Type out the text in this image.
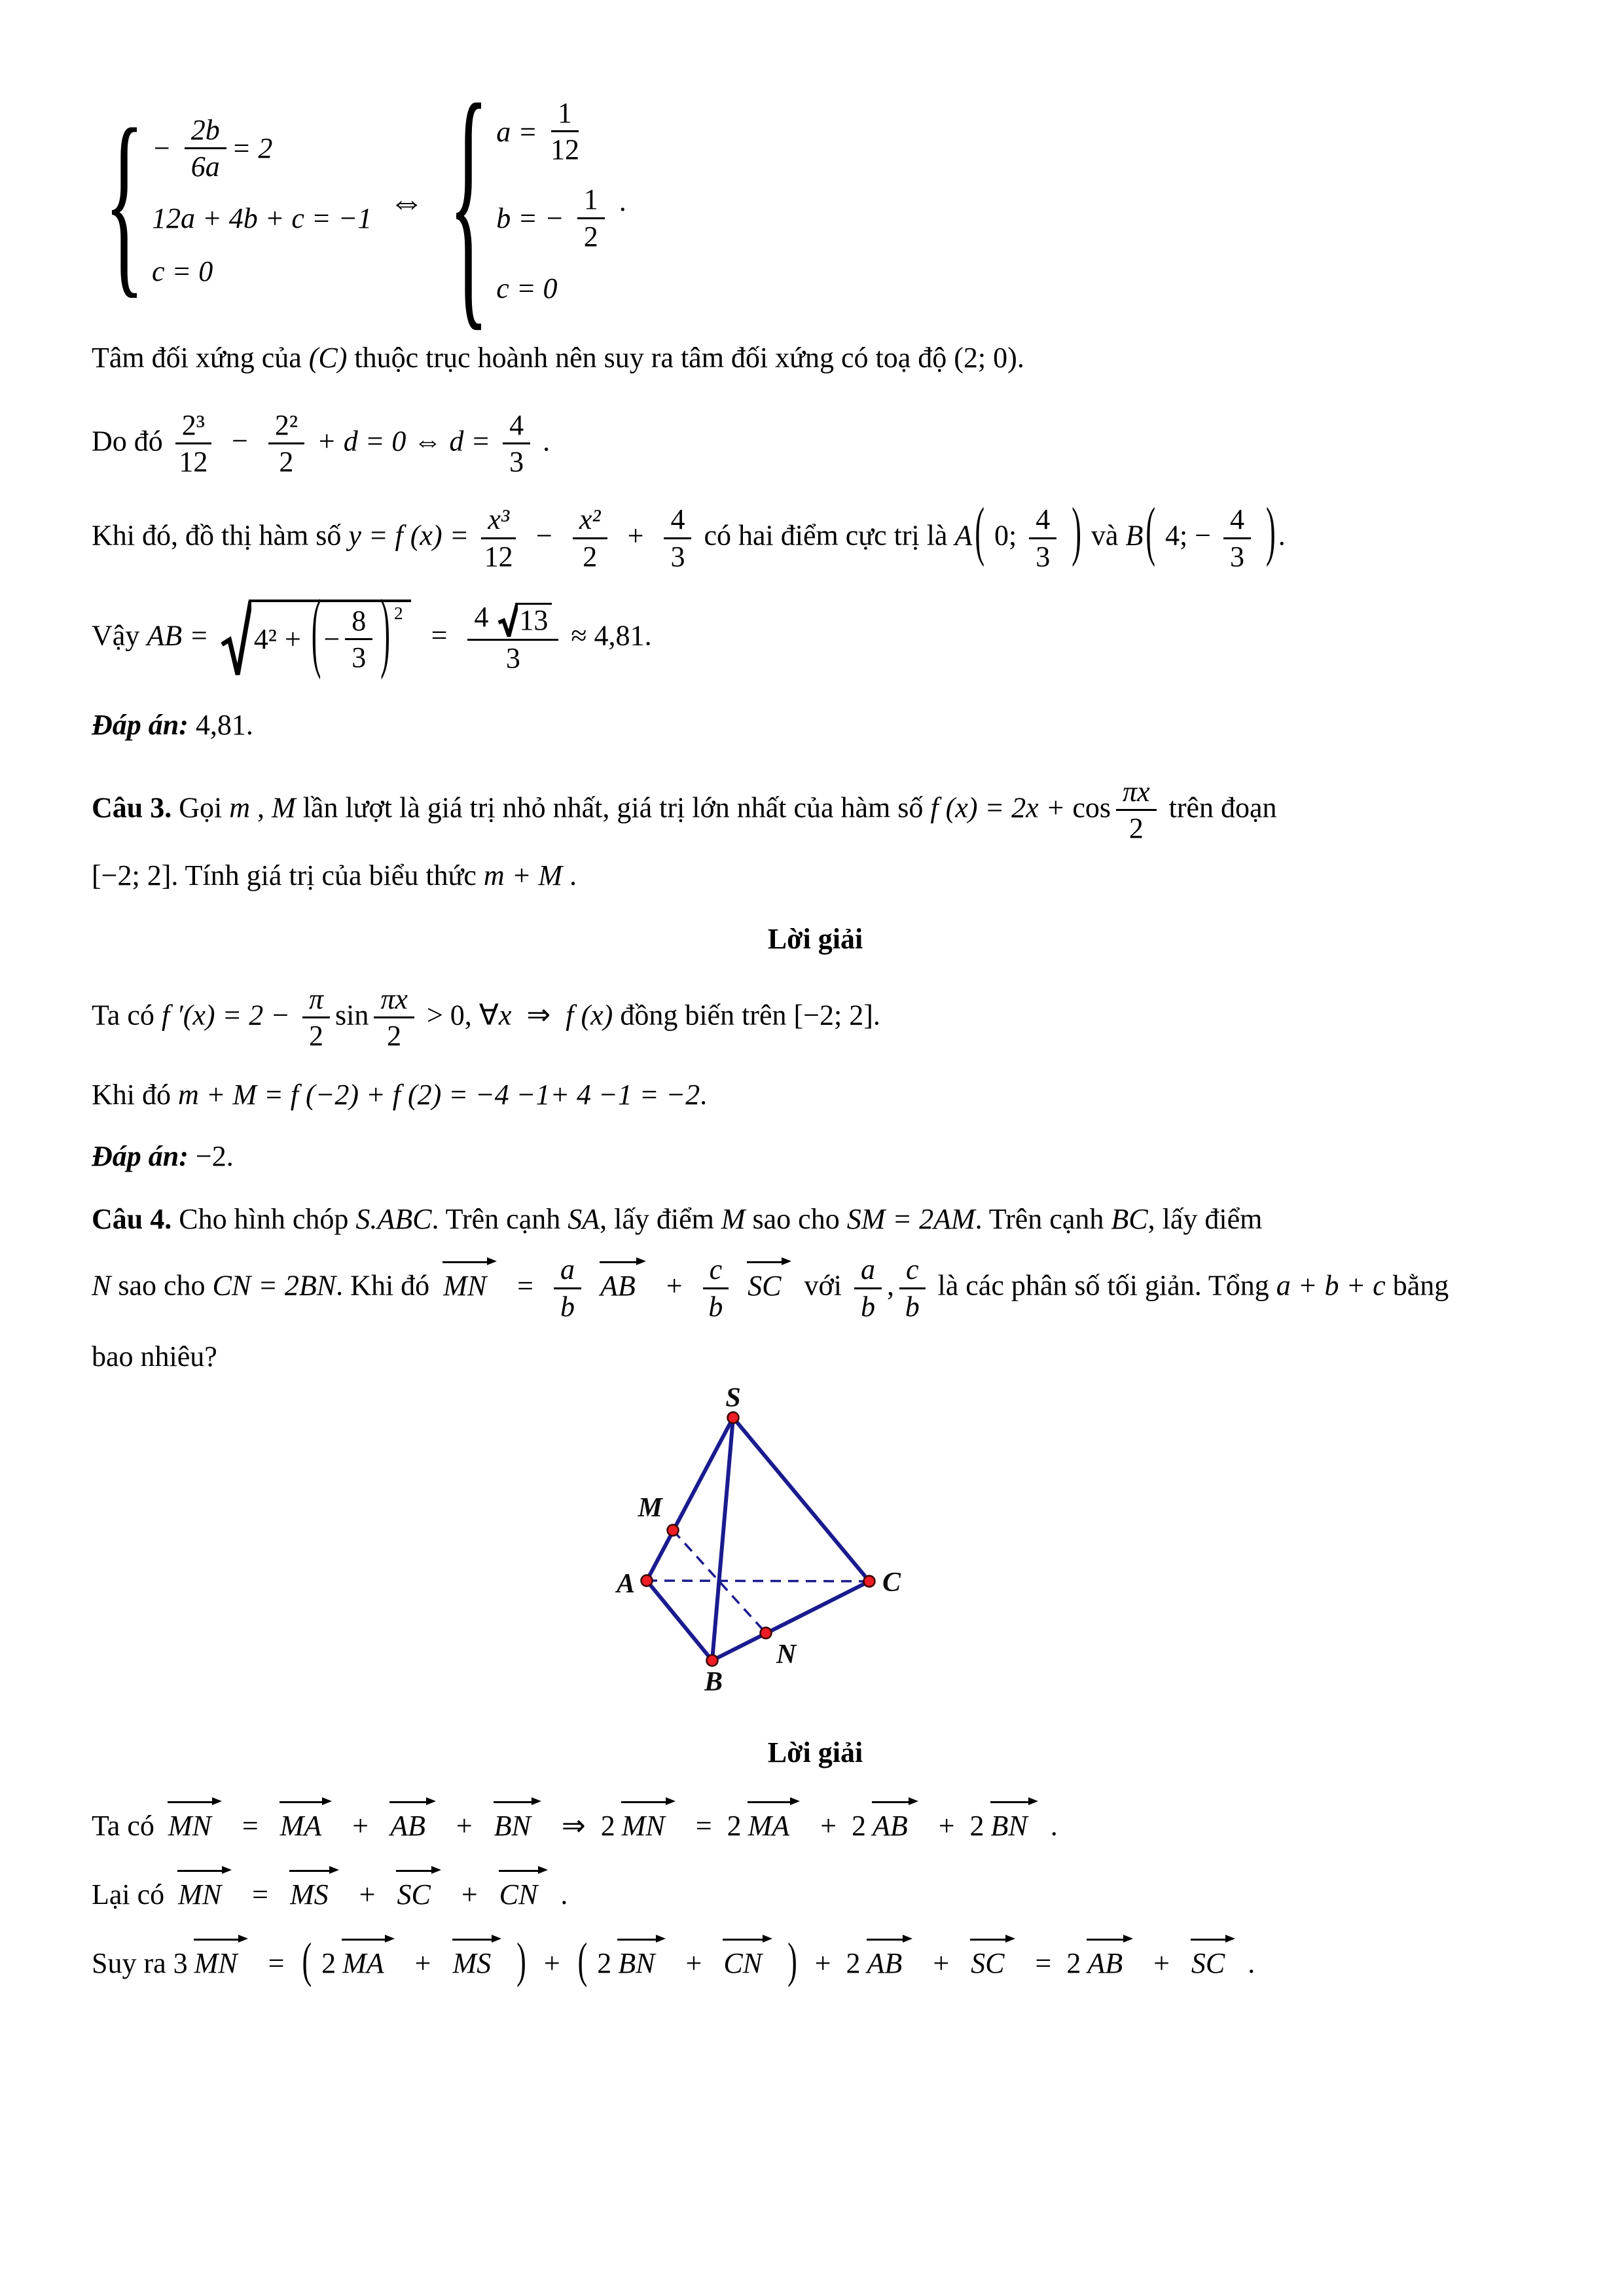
{ − $\frac{2b}{6a} = 2$
12a + 4b + c = −1
c = 0
⇔ { $a = \frac{1}{12}$
b = − $\frac{1}{2}$
c = 0
.
Tâm đối xứng của (C) thuộc trục hoành nên suy ra tâm đối xứng có toạ độ (2; 0).
Do đó $\frac{\text{2³}}{12} - \frac{\text{2²}}{2} + d = 0$ ⇔ $d = \frac{4}{3}$ .
Khi đó, đồ thị hàm số y = f $(x) = \frac{\text{x³}}{12} - \frac{\text{x²}}{2} + \frac{4}{3}$ có hai điểm cực trị là A( 0; $\frac{4}{3}$ ) và B( 4; − $\frac{4}{3}$ ).
Vậy AB = 4² + ( − $\frac{8}{3} )^2$
= $\frac{4 13}{3} \approx 4,81$.
Đáp án: 4,81.
Câu 3. Gọi m , M lần lượt là giá trị nhỏ nhất, giá trị lớn nhất của hàm số f $(x) = 2x + \cos \frac{\pi x}{2}$ trên đoạn
[−2; 2]. Tính giá trị của biểu thức m + M .
Lời giải
Ta có f $'(x) = 2 - \frac{\pi}{2}$ $\sin \frac{\pi x}{2} > 0$, ∀x ⇒ f (x) đồng biến trên [−2; 2].
Khi đó m + M = f (−2) + f (2) = −4 −1+ 4 −1 = −2.
Đáp án: −2.
Câu 4. Cho hình chóp S.ABC. Trên cạnh SA, lấy điểm M sao cho SM = 2AM. Trên cạnh BC, lấy điểm
N sao cho CN = 2BN. Khi đó MN = $\frac{a}{b}$ AB + $\frac{c}{b}$ SC với $\frac{a}{b}$ , $\frac{c}{b}$ là các phân số tối giản. Tổng a + b + c bằng
bao nhiêu?
S
M
A
B
N
C
Lời giải
Ta có MN = MA + AB + BN ⇒ 2 MN = 2 MA + 2 AB + 2 BN .
Lại có MN = MS + SC + CN .
Suy ra 3 MN = ( 2 MA + MS ) + ( 2 BN + CN ) + 2 AB + SC = 2 AB + SC .
